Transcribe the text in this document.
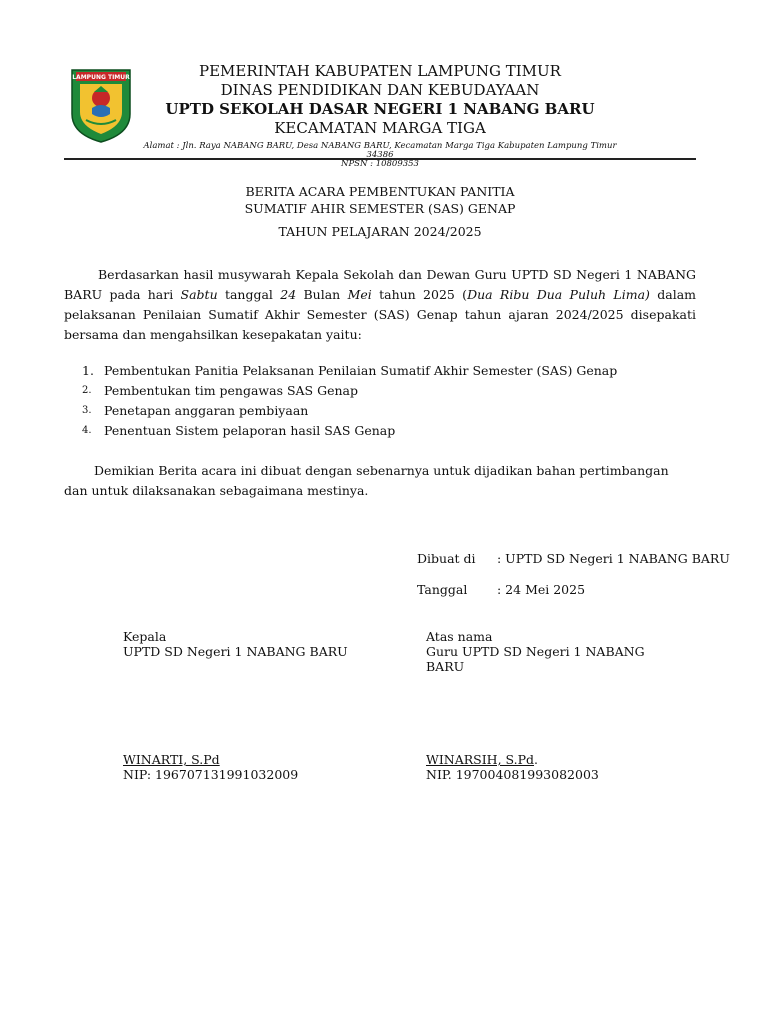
LAMPUNG TIMUR	PEMERINTAH KABUPATEN LAMPUNG TIMUR
DINAS PENDIDIKAN DAN KEBUDAYAAN
UPTD SEKOLAH DASAR NEGERI 1 NABANG BARU
KECAMATAN MARGA TIGA
Alamat : Jln. Raya NABANG BARU, Desa NABANG BARU, Kecamatan Marga Tiga Kabupaten Lampung Timur 34386
NPSN : 10809353
BERITA ACARA PEMBENTUKAN PANITIA
SUMATIF AHIR SEMESTER (SAS) GENAP
TAHUN PELAJARAN 2024/2025
Berdasarkan hasil musywarah Kepala Sekolah dan Dewan Guru UPTD SD Negeri 1 NABANG BARU pada hari Sabtu tanggal 24 Bulan Mei tahun 2025 (Dua Ribu Dua Puluh Lima) dalam pelaksanan Penilaian Sumatif Akhir Semester (SAS) Genap tahun ajaran 2024/2025 disepakati bersama dan mengahsilkan kesepakatan yaitu:
1. Pembentukan Panitia Pelaksanan Penilaian Sumatif Akhir Semester (SAS) Genap
2. Pembentukan tim pengawas SAS Genap
3. Penetapan anggaran pembiyaan
4. Penentuan Sistem pelaporan hasil SAS Genap
Demikian Berita acara ini dibuat dengan sebenarnya untuk dijadikan bahan pertimbangan dan untuk dilaksanakan sebagaimana mestinya.
Dibuat di : UPTD SD Negeri 1 NABANG BARU
Tanggal : 24 Mei 2025
Kepala
UPTD SD Negeri 1 NABANG BARU
Atas nama
Guru UPTD SD Negeri 1 NABANG BARU
WINARTI, S.Pd
NIP: 196707131991032009
WINARSIH, S.Pd.
NIP. 197004081993082003
